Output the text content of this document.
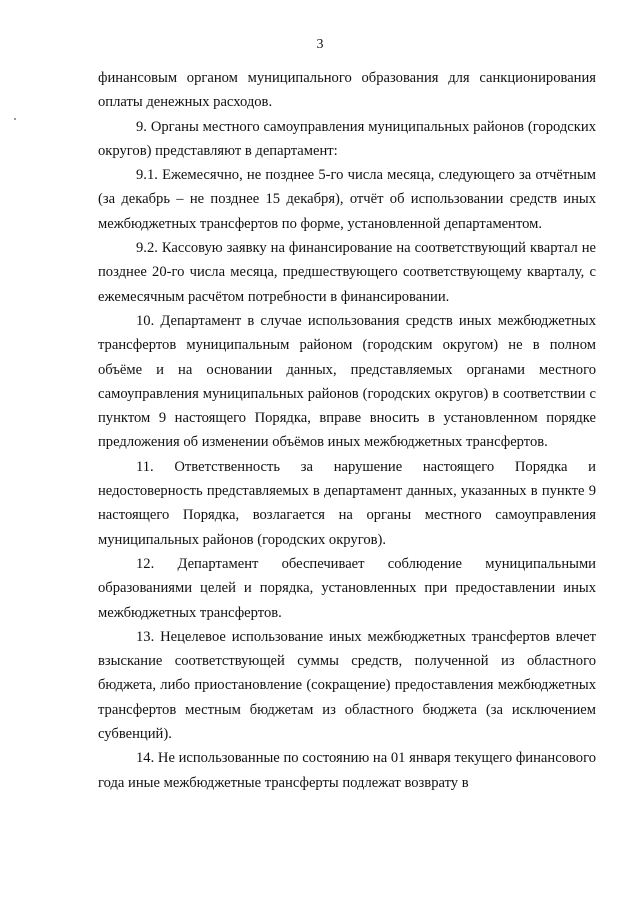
3

финансовым органом муниципального образования для санкционирования оплаты денежных расходов.

9. Органы местного самоуправления муниципальных районов (городских округов) представляют в департамент:

9.1. Ежемесячно, не позднее 5-го числа месяца, следующего за отчётным (за декабрь – не позднее 15 декабря), отчёт об использовании средств иных межбюджетных трансфертов по форме, установленной департаментом.

9.2. Кассовую заявку на финансирование на соответствующий квартал не позднее 20-го числа месяца, предшествующего соответствующему кварталу, с ежемесячным расчётом потребности в финансировании.

10. Департамент в случае использования средств иных межбюджетных трансфертов муниципальным районом (городским округом) не в полном объёме и на основании данных, представляемых органами местного самоуправления муниципальных районов (городских округов) в соответствии с пунктом 9 настоящего Порядка, вправе вносить в установленном порядке предложения об изменении объёмов иных межбюджетных трансфертов.

11. Ответственность за нарушение настоящего Порядка и недостоверность представляемых в департамент данных, указанных в пункте 9 настоящего Порядка, возлагается на органы местного самоуправления муниципальных районов (городских округов).

12. Департамент обеспечивает соблюдение муниципальными образованиями целей и порядка, установленных при предоставлении иных межбюджетных трансфертов.

13. Нецелевое использование иных межбюджетных трансфертов влечет взыскание соответствующей суммы средств, полученной из областного бюджета, либо приостановление (сокращение) предоставления межбюджетных трансфертов местным бюджетам из областного бюджета (за исключением субвенций).

14. Не использованные по состоянию на 01 января текущего финансового года иные межбюджетные трансферты подлежат возврату в
